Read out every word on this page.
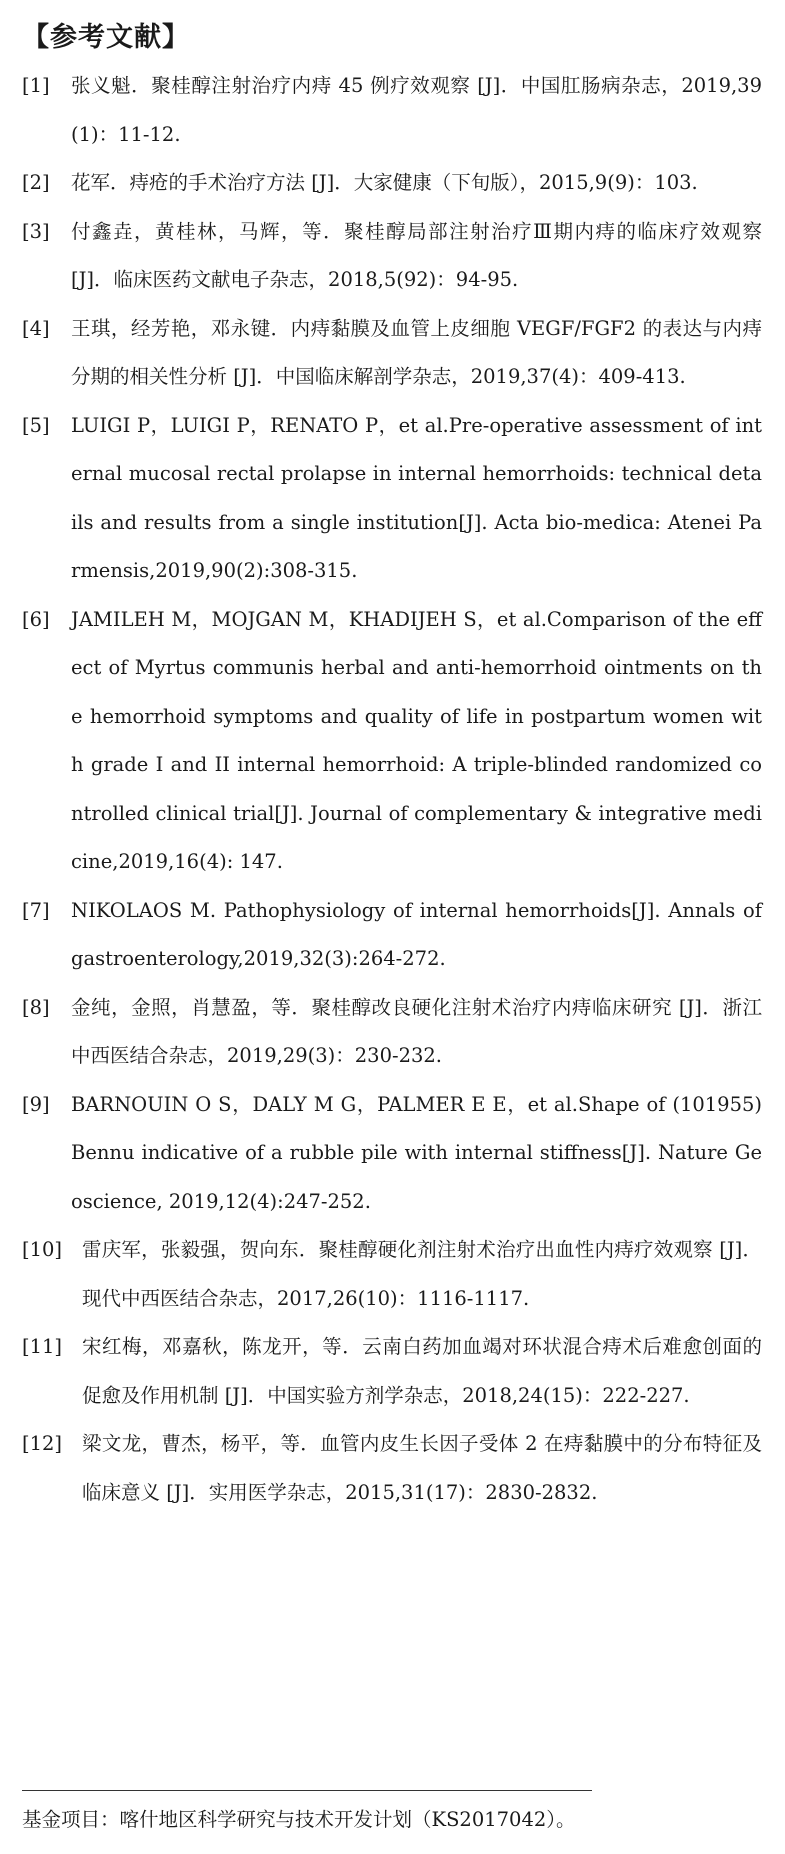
【参考文献】
[1] 张义魁．聚桂醇注射治疗内痔 45 例疗效观察 [J]．中国肛肠病杂志，2019,39(1)：11-12.
[2] 花军．痔疮的手术治疗方法 [J]．大家健康（下旬版），2015,9(9)：103.
[3] 付鑫垚，黄桂林，马辉，等．聚桂醇局部注射治疗Ⅲ期内痔的临床疗效观察 [J]．临床医药文献电子杂志，2018,5(92)：94-95.
[4] 王琪，经芳艳，邓永键．内痔黏膜及血管上皮细胞 VEGF/FGF2 的表达与内痔分期的相关性分析 [J]．中国临床解剖学杂志，2019,37(4)：409-413.
[5] LUIGI P，LUIGI P，RENATO P，et al.Pre-operative assessment of internal mucosal rectal prolapse in internal hemorrhoids: technical details and results from a single institution[J]. Acta bio-medica: Atenei Parmensis,2019,90(2):308-315.
[6] JAMILEH M，MOJGAN M，KHADIJEH S，et al.Comparison of the effect of Myrtus communis herbal and anti-hemorrhoid ointments on the hemorrhoid symptoms and quality of life in postpartum women with grade I and II internal hemorrhoid: A triple-blinded randomized controlled clinical trial[J]. Journal of complementary & integrative medicine,2019,16(4): 147.
[7] NIKOLAOS M. Pathophysiology of internal hemorrhoids[J]. Annals of gastroenterology,2019,32(3):264-272.
[8] 金纯，金照，肖慧盈，等．聚桂醇改良硬化注射术治疗内痔临床研究 [J]．浙江中西医结合杂志，2019,29(3)：230-232.
[9] BARNOUIN O S，DALY M G，PALMER E E，et al.Shape of (101955)Bennu indicative of a rubble pile with internal stiffness[J]. Nature Geoscience, 2019,12(4):247-252.
[10] 雷庆军，张毅强，贺向东．聚桂醇硬化剂注射术治疗出血性内痔疗效观察 [J]．现代中西医结合杂志，2017,26(10)：1116-1117.
[11] 宋红梅，邓嘉秋，陈龙开，等．云南白药加血竭对环状混合痔术后难愈创面的促愈及作用机制 [J]．中国实验方剂学杂志，2018,24(15)：222-227.
[12] 梁文龙，曹杰，杨平，等．血管内皮生长因子受体 2 在痔黏膜中的分布特征及临床意义 [J]．实用医学杂志，2015,31(17)：2830-2832.
基金项目：喀什地区科学研究与技术开发计划（KS2017042）。
